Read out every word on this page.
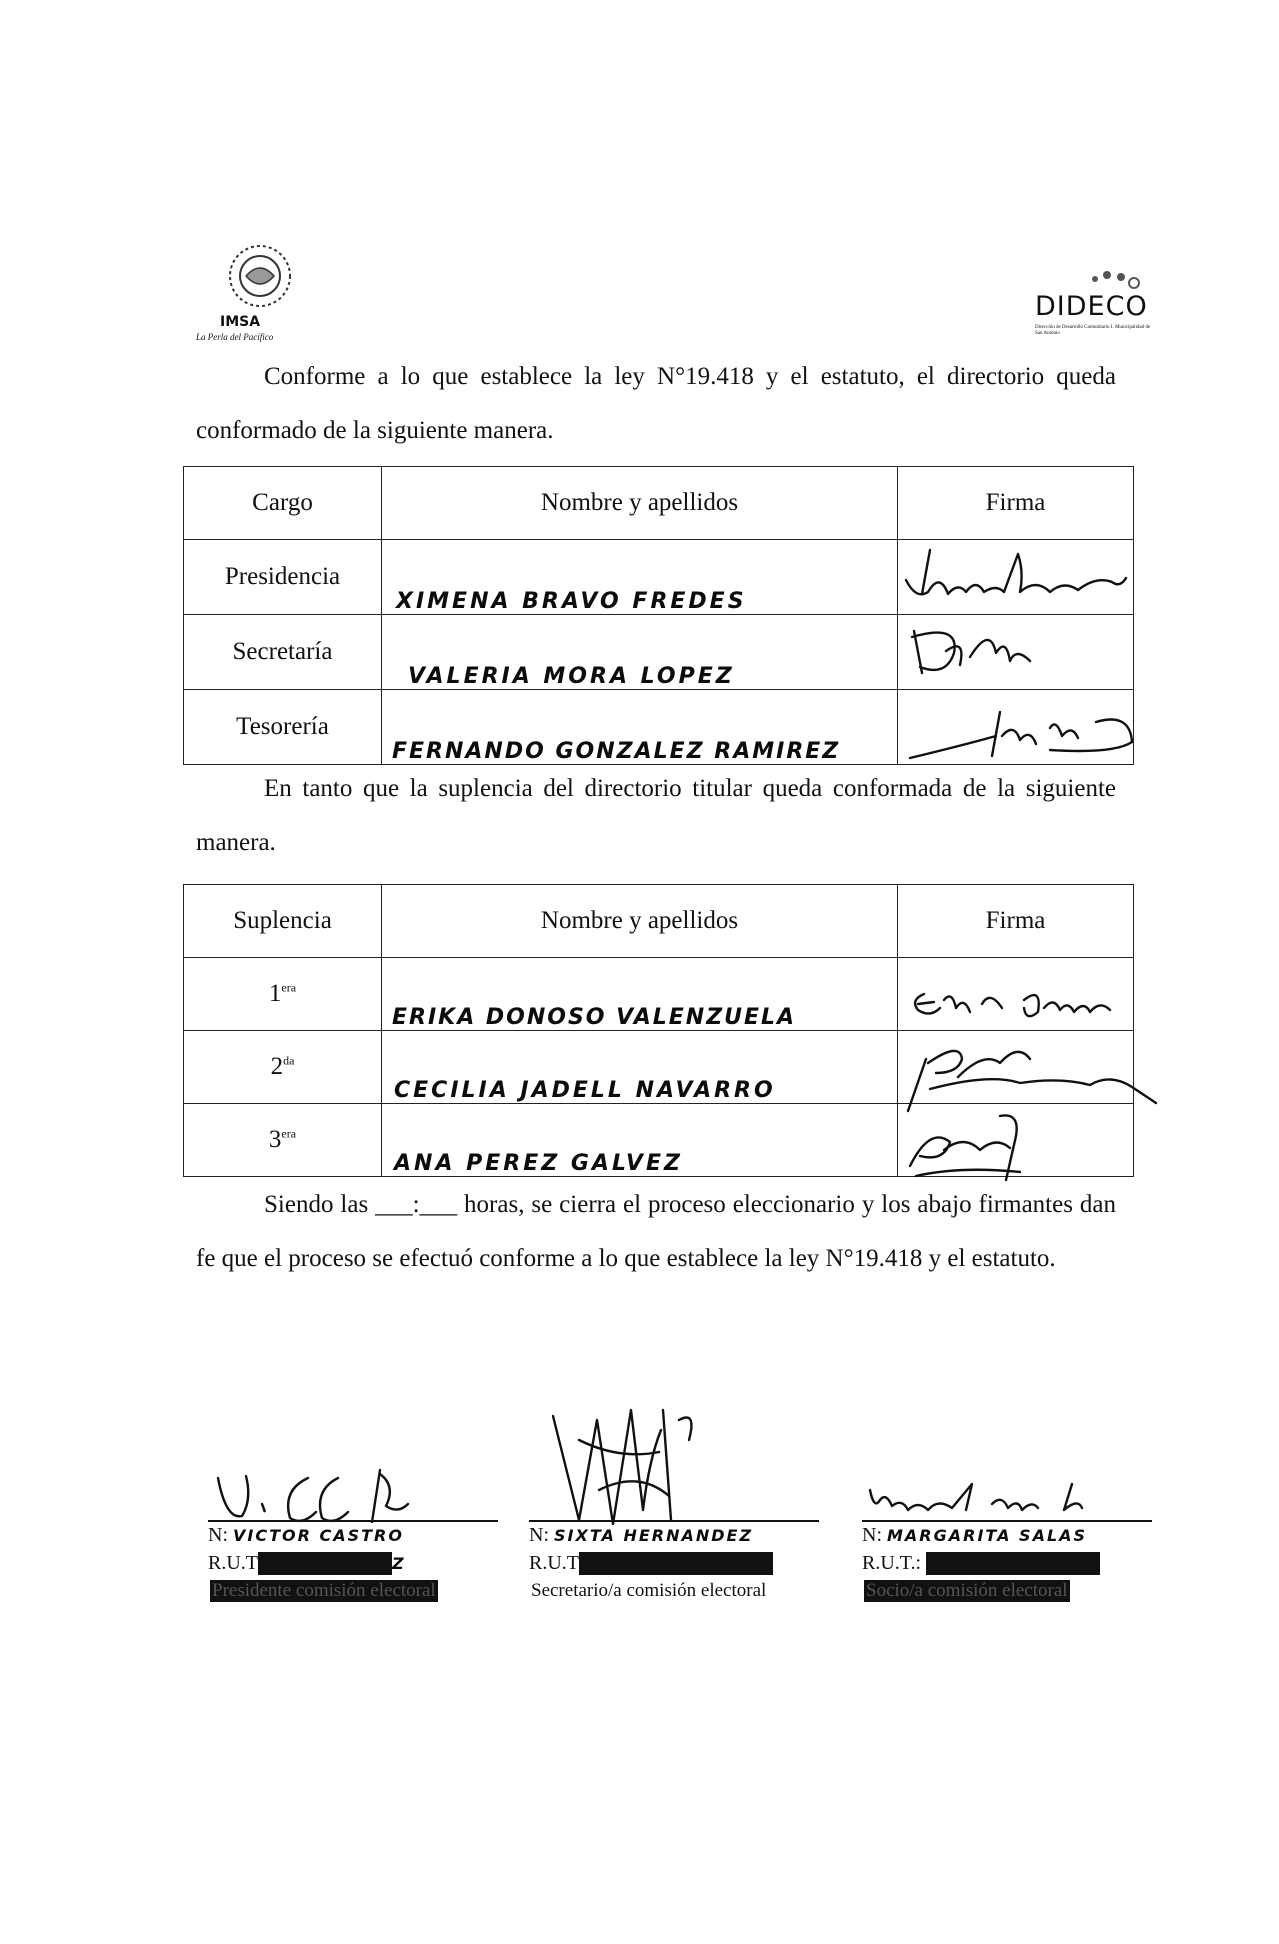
IMSA
La Perla del Pacífico
DIDECO
Dirección de Desarrollo Comunitario I. Municipalidad de San Antonio
Conforme a lo que establece la ley N°19.418 y el estatuto, el directorio queda conformado de la siguiente manera.
Cargo	Nombre y apellidos	Firma
Presidencia	XIMENA BRAVO FREDES

Secretaría	VALERIA MORA LOPEZ

Tesorería	FERNANDO GONZALEZ RAMIREZ

En tanto que la suplencia del directorio titular queda conformada de la siguiente manera.
Suplencia	Nombre y apellidos	Firma
$1^{era}$	ERIKA DONOSO VALENZUELA

$2^{da}$	CECILIA JADELL NAVARRO

$3^{era}$	ANA PEREZ GALVEZ

Siendo las ___:___ horas, se cierra el proceso eleccionario y los abajo firmantes dan fe que el proceso se efectuó conforme a lo que establece la ley N°19.418 y el estatuto.
N: VICTOR CASTRO
R.U.T	Z
Presidente comisión electoral
N: SIXTA HERNANDEZ
R.U.T
Secretario/a comisión electoral
N: MARGARITA SALAS
R.U.T.:
Socio/a comisión electoral
